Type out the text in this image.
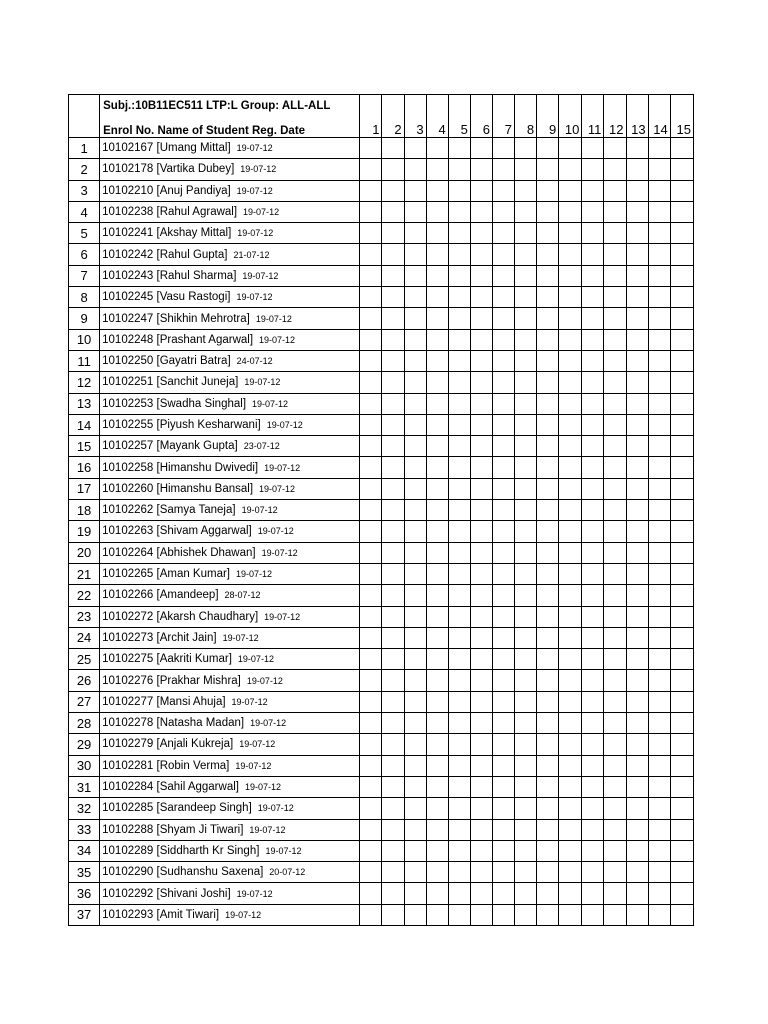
	Subj.:10B11EC511 LTP:L Group: ALL-ALL															
	Enrol No. Name of Student Reg. Date	1	2	3	4	5	6	7	8	9	10	11	12	13	14	15
1	10102167 [Umang Mittal] 19-07-12															
2	10102178 [Vartika Dubey] 19-07-12															
3	10102210 [Anuj Pandiya] 19-07-12															
4	10102238 [Rahul Agrawal] 19-07-12															
5	10102241 [Akshay Mittal] 19-07-12															
6	10102242 [Rahul Gupta] 21-07-12															
7	10102243 [Rahul Sharma] 19-07-12															
8	10102245 [Vasu Rastogi] 19-07-12															
9	10102247 [Shikhin Mehrotra] 19-07-12															
10	10102248 [Prashant Agarwal] 19-07-12															
11	10102250 [Gayatri Batra] 24-07-12															
12	10102251 [Sanchit Juneja] 19-07-12															
13	10102253 [Swadha Singhal] 19-07-12															
14	10102255 [Piyush Kesharwani] 19-07-12															
15	10102257 [Mayank Gupta] 23-07-12															
16	10102258 [Himanshu Dwivedi] 19-07-12															
17	10102260 [Himanshu Bansal] 19-07-12															
18	10102262 [Samya Taneja] 19-07-12															
19	10102263 [Shivam Aggarwal] 19-07-12															
20	10102264 [Abhishek Dhawan] 19-07-12															
21	10102265 [Aman Kumar] 19-07-12															
22	10102266 [Amandeep] 28-07-12															
23	10102272 [Akarsh Chaudhary] 19-07-12															
24	10102273 [Archit Jain] 19-07-12															
25	10102275 [Aakriti Kumar] 19-07-12															
26	10102276 [Prakhar Mishra] 19-07-12															
27	10102277 [Mansi Ahuja] 19-07-12															
28	10102278 [Natasha Madan] 19-07-12															
29	10102279 [Anjali Kukreja] 19-07-12															
30	10102281 [Robin Verma] 19-07-12															
31	10102284 [Sahil Aggarwal] 19-07-12															
32	10102285 [Sarandeep Singh] 19-07-12															
33	10102288 [Shyam Ji Tiwari] 19-07-12															
34	10102289 [Siddharth Kr Singh] 19-07-12															
35	10102290 [Sudhanshu Saxena] 20-07-12															
36	10102292 [Shivani Joshi] 19-07-12															
37	10102293 [Amit Tiwari] 19-07-12															
